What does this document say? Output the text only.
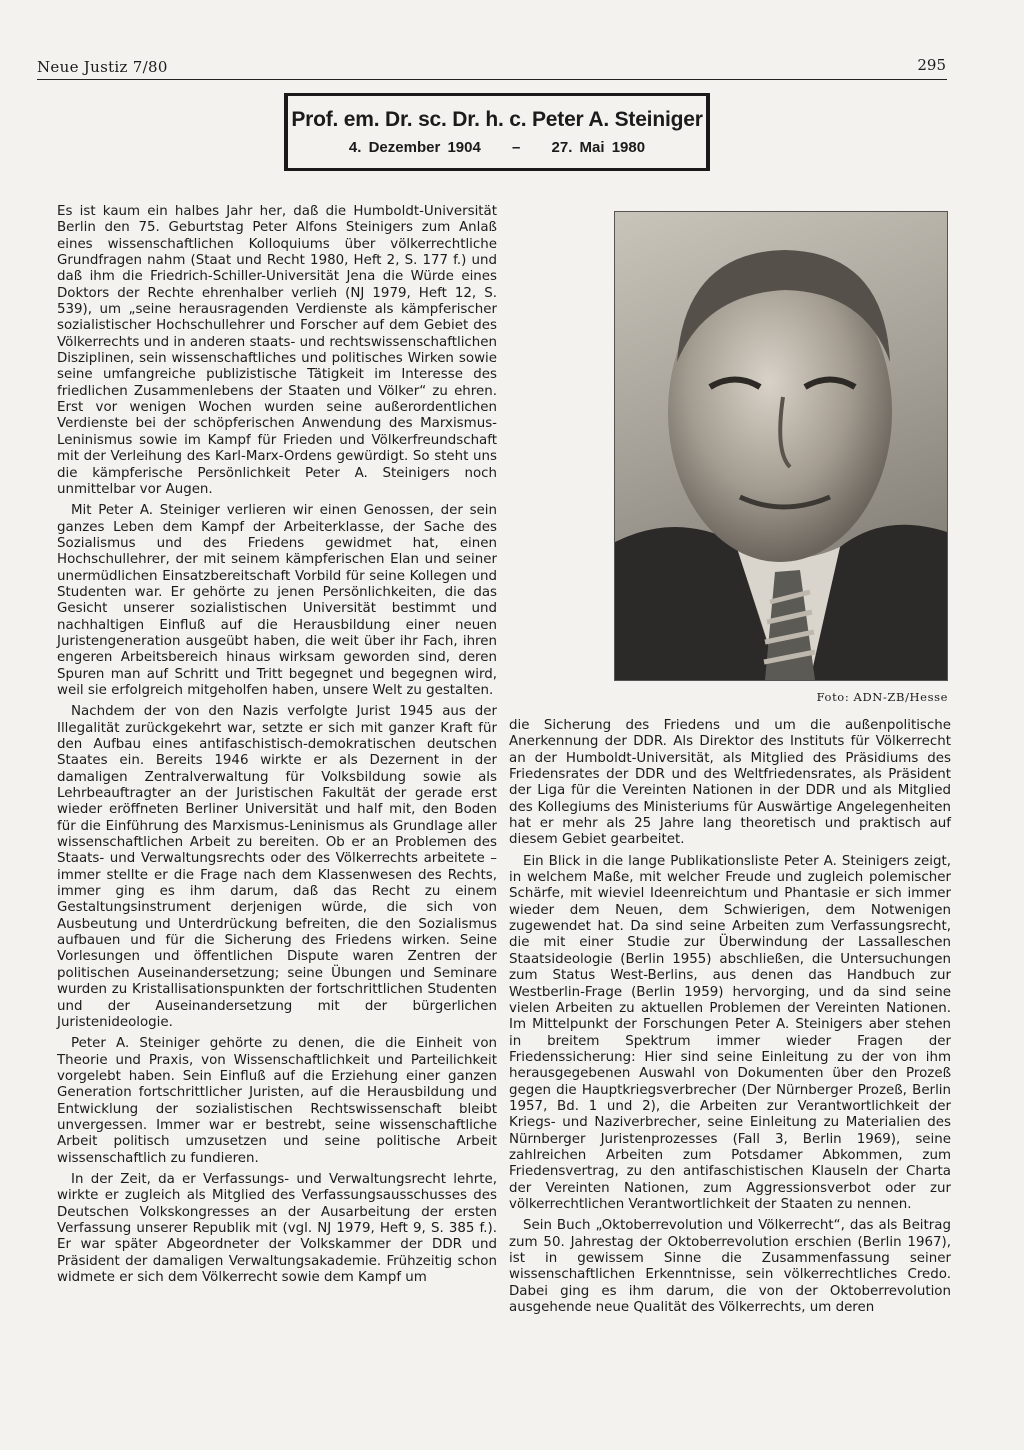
Neue Justiz 7/80	295
Prof. em. Dr. sc. Dr. h. c. Peter A. Steiniger
4. Dezember 1904 – 27. Mai 1980

Es ist kaum ein halbes Jahr her, daß die Humboldt-Universität Berlin den 75. Geburtstag Peter Alfons Steinigers zum Anlaß eines wissenschaftlichen Kolloquiums über völkerrechtliche Grundfragen nahm (Staat und Recht 1980, Heft 2, S. 177 f.) und daß ihm die Friedrich-Schiller-Universität Jena die Würde eines Doktors der Rechte ehrenhalber verlieh (NJ 1979, Heft 12, S. 539), um „seine herausragenden Verdienste als kämpferischer sozialistischer Hochschullehrer und Forscher auf dem Gebiet des Völkerrechts und in anderen staats- und rechtswissenschaftlichen Disziplinen, sein wissenschaftliches und politisches Wirken sowie seine umfangreiche publizistische Tätigkeit im Interesse des friedlichen Zusammenlebens der Staaten und Völker“ zu ehren. Erst vor wenigen Wochen wurden seine außerordentlichen Verdienste bei der schöpferischen Anwendung des Marxismus-Leninismus sowie im Kampf für Frieden und Völkerfreundschaft mit der Verleihung des Karl-Marx-Ordens gewürdigt. So steht uns die kämpferische Persönlichkeit Peter A. Steinigers noch unmittelbar vor Augen.

Mit Peter A. Steiniger verlieren wir einen Genossen, der sein ganzes Leben dem Kampf der Arbeiterklasse, der Sache des Sozialismus und des Friedens gewidmet hat, einen Hochschullehrer, der mit seinem kämpferischen Elan und seiner unermüdlichen Einsatzbereitschaft Vorbild für seine Kollegen und Studenten war. Er gehörte zu jenen Persönlichkeiten, die das Gesicht unserer sozialistischen Universität bestimmt und nachhaltigen Einfluß auf die Herausbildung einer neuen Juristengeneration ausgeübt haben, die weit über ihr Fach, ihren engeren Arbeitsbereich hinaus wirksam geworden sind, deren Spuren man auf Schritt und Tritt begegnet und begegnen wird, weil sie erfolgreich mitgeholfen haben, unsere Welt zu gestalten.

Nachdem der von den Nazis verfolgte Jurist 1945 aus der Illegalität zurückgekehrt war, setzte er sich mit ganzer Kraft für den Aufbau eines antifaschistisch-demokratischen deutschen Staates ein. Bereits 1946 wirkte er als Dezernent in der damaligen Zentralverwaltung für Volksbildung sowie als Lehrbeauftragter an der Juristischen Fakultät der gerade erst wieder eröffneten Berliner Universität und half mit, den Boden für die Einführung des Marxismus-Leninismus als Grundlage aller wissenschaftlichen Arbeit zu bereiten. Ob er an Problemen des Staats- und Verwaltungsrechts oder des Völkerrechts arbeitete – immer stellte er die Frage nach dem Klassenwesen des Rechts, immer ging es ihm darum, daß das Recht zu einem Gestaltungsinstrument derjenigen würde, die sich von Ausbeutung und Unterdrückung befreiten, die den Sozialismus aufbauen und für die Sicherung des Friedens wirken. Seine Vorlesungen und öffentlichen Dispute waren Zentren der politischen Auseinandersetzung; seine Übungen und Seminare wurden zu Kristallisationspunkten der fortschrittlichen Studenten und der Auseinandersetzung mit der bürgerlichen Juristenideologie.

Peter A. Steiniger gehörte zu denen, die die Einheit von Theorie und Praxis, von Wissenschaftlichkeit und Parteilichkeit vorgelebt haben. Sein Einfluß auf die Erziehung einer ganzen Generation fortschrittlicher Juristen, auf die Herausbildung und Entwicklung der sozialistischen Rechtswissenschaft bleibt unvergessen. Immer war er bestrebt, seine wissenschaftliche Arbeit politisch umzusetzen und seine politische Arbeit wissenschaftlich zu fundieren.

In der Zeit, da er Verfassungs- und Verwaltungsrecht lehrte, wirkte er zugleich als Mitglied des Verfassungsausschusses des Deutschen Volkskongresses an der Ausarbeitung der ersten Verfassung unserer Republik mit (vgl. NJ 1979, Heft 9, S. 385 f.). Er war später Abgeordneter der Volkskammer der DDR und Präsident der damaligen Verwaltungsakademie. Frühzeitig schon widmete er sich dem Völkerrecht sowie dem Kampf um

Foto: ADN-ZB/Hesse

die Sicherung des Friedens und um die außenpolitische Anerkennung der DDR. Als Direktor des Instituts für Völkerrecht an der Humboldt-Universität, als Mitglied des Präsidiums des Friedensrates der DDR und des Weltfriedensrates, als Präsident der Liga für die Vereinten Nationen in der DDR und als Mitglied des Kollegiums des Ministeriums für Auswärtige Angelegenheiten hat er mehr als 25 Jahre lang theoretisch und praktisch auf diesem Gebiet gearbeitet.

Ein Blick in die lange Publikationsliste Peter A. Steinigers zeigt, in welchem Maße, mit welcher Freude und zugleich polemischer Schärfe, mit wieviel Ideenreichtum und Phantasie er sich immer wieder dem Neuen, dem Schwierigen, dem Notwenigen zugewendet hat. Da sind seine Arbeiten zum Verfassungsrecht, die mit einer Studie zur Überwindung der Lassalleschen Staatsideologie (Berlin 1955) abschließen, die Untersuchungen zum Status West-Berlins, aus denen das Handbuch zur Westberlin-Frage (Berlin 1959) hervorging, und da sind seine vielen Arbeiten zu aktuellen Problemen der Vereinten Nationen. Im Mittelpunkt der Forschungen Peter A. Steinigers aber stehen in breitem Spektrum immer wieder Fragen der Friedenssicherung: Hier sind seine Einleitung zu der von ihm herausgegebenen Auswahl von Dokumenten über den Prozeß gegen die Hauptkriegsverbrecher (Der Nürnberger Prozeß, Berlin 1957, Bd. 1 und 2), die Arbeiten zur Verantwortlichkeit der Kriegs- und Naziverbrecher, seine Einleitung zu Materialien des Nürnberger Juristenprozesses (Fall 3, Berlin 1969), seine zahlreichen Arbeiten zum Potsdamer Abkommen, zum Friedensvertrag, zu den antifaschistischen Klauseln der Charta der Vereinten Nationen, zum Aggressionsverbot oder zur völkerrechtlichen Verantwortlichkeit der Staaten zu nennen.

Sein Buch „Oktoberrevolution und Völkerrecht“, das als Beitrag zum 50. Jahrestag der Oktoberrevolution erschien (Berlin 1967), ist in gewissem Sinne die Zusammenfassung seiner wissenschaftlichen Erkenntnisse, sein völkerrechtliches Credo. Dabei ging es ihm darum, die von der Oktoberrevolution ausgehende neue Qualität des Völkerrechts, um deren
